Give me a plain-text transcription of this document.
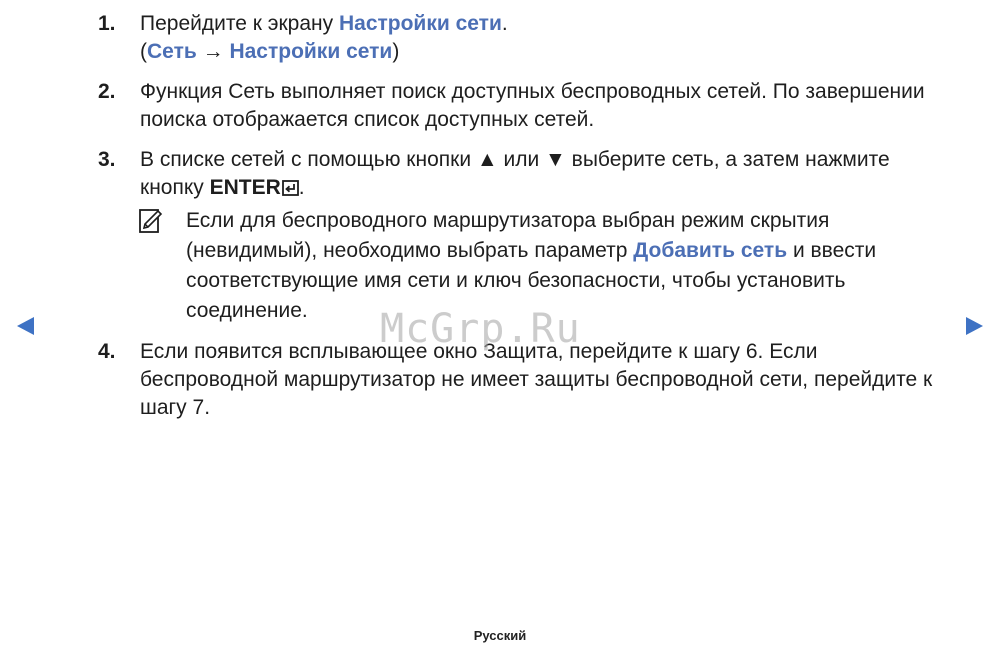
1. Перейдите к экрану Настройки сети.

(Сеть → Настройки сети)

2. Функция Сеть выполняет поиск доступных беспроводных сетей. По завершении поиска отображается список доступных сетей.

3. В списке сетей с помощью кнопки ▲ или ▼ выберите сеть, а затем нажмите кнопку ENTER .

Если для беспроводного маршрутизатора выбран режим скрытия (невидимый), необходимо выбрать параметр Добавить сеть и ввести соответствующие имя сети и ключ безопасности, чтобы установить соединение.

4. Если появится всплывающее окно Защита, перейдите к шагу 6. Если беспроводной маршрутизатор не имеет защиты беспроводной сети, перейдите к шагу 7.

McGrp.Ru
Русский
